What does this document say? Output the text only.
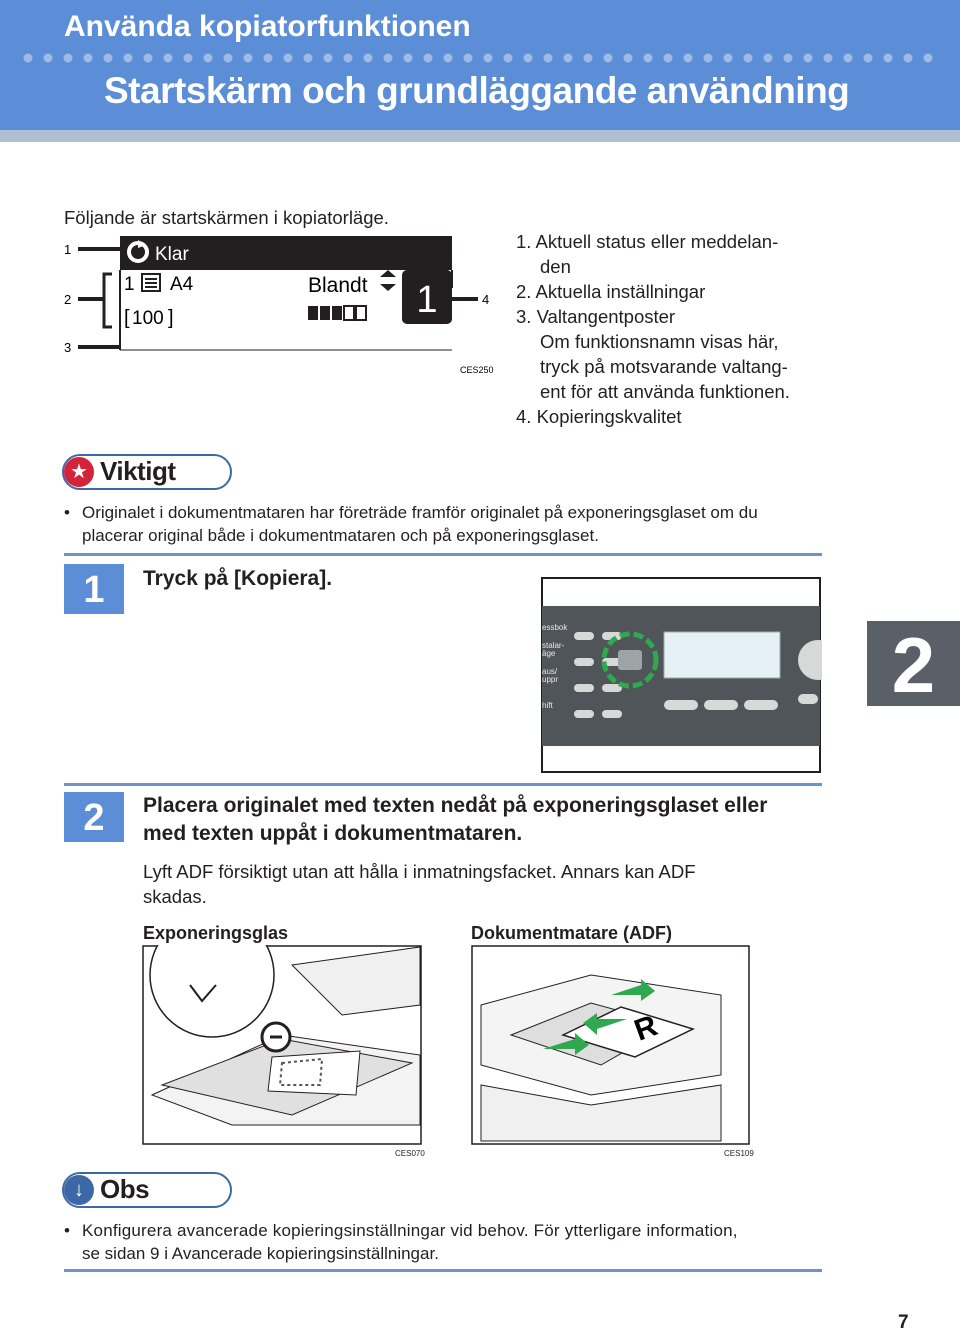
Använda kopiatorfunktionen
Startskärm och grundläggande användning
Följande är startskärmen i kopiatorläge.
Klar
1 A4
[ 100 ]
Blandt 1
1
2
3
4
CES250
1. Aktuell status eller meddelan-
den
2. Aktuella inställningar
3. Valtangentposter
Om funktionsnamn visas här,
tryck på motsvarande valtang-
ent för att använda funktionen.
4. Kopieringskvalitet
★ Viktigt
• Originalet i dokumentmataren har företräde framför originalet på exponeringsglaset om du
placerar original både i dokumentmataren och på exponeringsglaset.
1	Tryck på [Kopiera].
essbok
stalar-
äge
aus/
uppr
hift	2
2	Placera originalet med texten nedåt på exponeringsglaset eller
med texten uppåt i dokumentmataren.
Lyft ADF försiktigt utan att hålla i inmatningsfacket. Annars kan ADF
skadas.
Exponeringsglas	Dokumentmatare (ADF)
CES070
R
CES109
↓ Obs
• Konfigurera avancerade kopieringsinställningar vid behov. För ytterligare information,
se sidan 9 i Avancerade kopieringsinställningar.
7
